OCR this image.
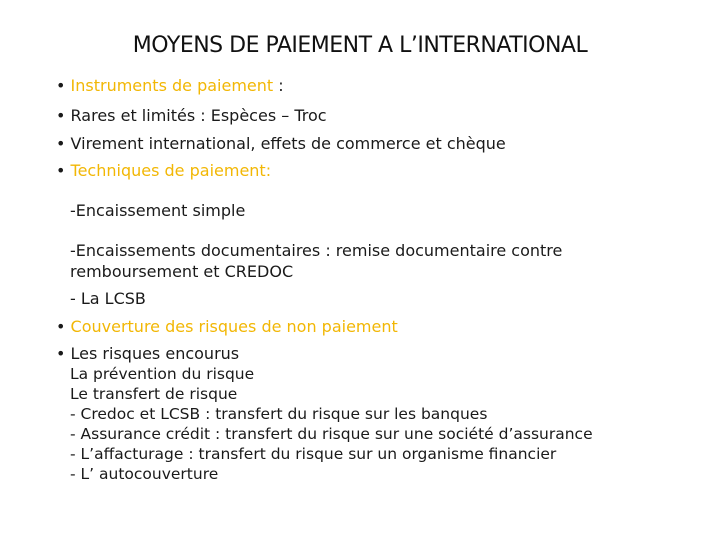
MOYENS DE PAIEMENT A L’INTERNATIONAL
• Instruments de paiement :
• Rares et limités : Espèces – Troc
• Virement international, effets de commerce et chèque
• Techniques de paiement:
-Encaissement simple
-Encaissements documentaires : remise documentaire contre
remboursement et CREDOC
- La LCSB
• Couverture des risques de non paiement
• Les risques encourus
La prévention du risque
Le transfert de risque
- Credoc et LCSB : transfert du risque sur les banques
- Assurance crédit : transfert du risque sur une société d’assurance
- L’affacturage : transfert du risque sur un organisme financier
- L’ autocouverture
